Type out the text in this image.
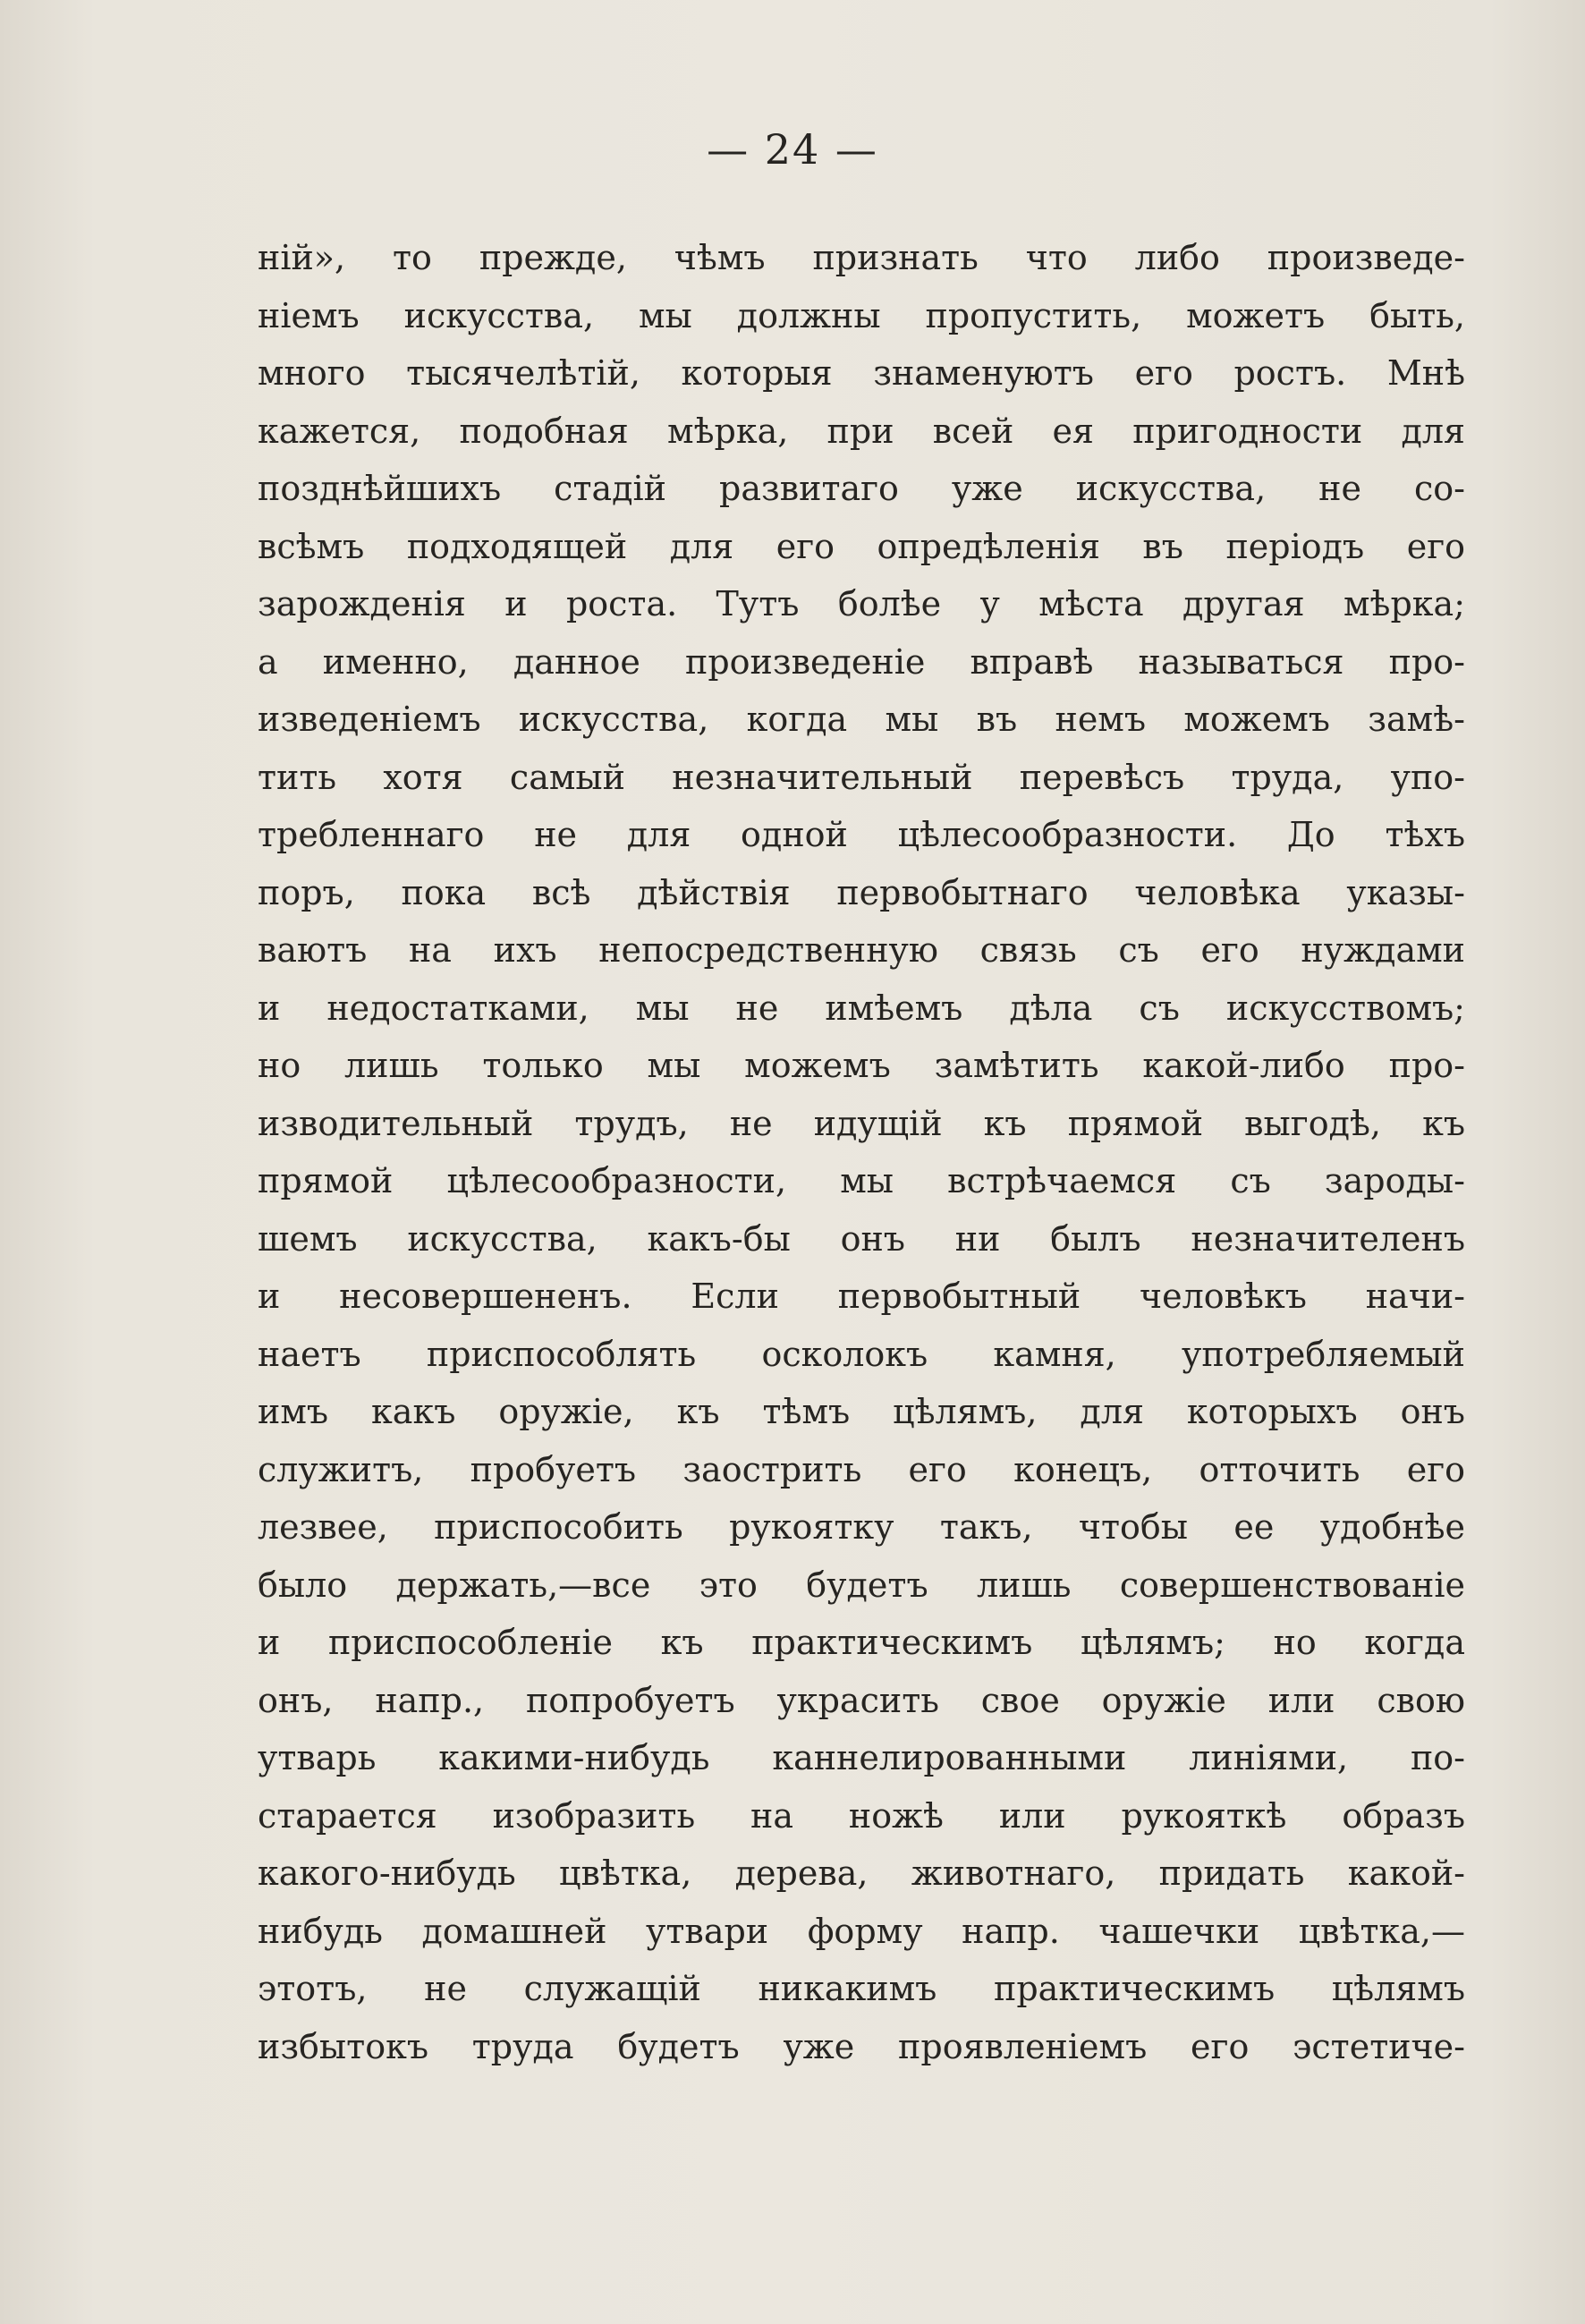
— 24 —
ній», то прежде, чѣмъ признать что либо произведе-
ніемъ искусства, мы должны пропустить, можетъ быть,
много тысячелѣтій, которыя знаменуютъ его ростъ. Мнѣ
кажется, подобная мѣрка, при всей ея пригодности для
позднѣйшихъ стадій развитаго уже искусства, не со-
всѣмъ подходящей для его опредѣленія въ періодъ его
зарожденія и роста. Тутъ болѣе у мѣста другая мѣрка;
а именно, данное произведеніе вправѣ называться про-
изведеніемъ искусства, когда мы въ немъ можемъ замѣ-
тить хотя самый незначительный перевѣсъ труда, упо-
требленнаго не для одной цѣлесообразности. До тѣхъ
поръ, пока всѣ дѣйствія первобытнаго человѣка указы-
ваютъ на ихъ непосредственную связь съ его нуждами
и недостатками, мы не имѣемъ дѣла съ искусствомъ;
но лишь только мы можемъ замѣтить какой-либо про-
изводительный трудъ, не идущій къ прямой выгодѣ, къ
прямой цѣлесообразности, мы встрѣчаемся съ зароды-
шемъ искусства, какъ-бы онъ ни былъ незначителенъ
и несовершененъ. Если первобытный человѣкъ начи-
наетъ приспособлять осколокъ камня, употребляемый
имъ какъ оружіе, къ тѣмъ цѣлямъ, для которыхъ онъ
служитъ, пробуетъ заострить его конецъ, отточить его
лезвее, приспособить рукоятку такъ, чтобы ее удобнѣе
было держать,—все это будетъ лишь совершенствованіе
и приспособленіе къ практическимъ цѣлямъ; но когда
онъ, напр., попробуетъ украсить свое оружіе или свою
утварь какими-нибудь каннелированными линіями, по-
старается изобразить на ножѣ или рукояткѣ образъ
какого-нибудь цвѣтка, дерева, животнаго, придать какой-
нибудь домашней утвари форму напр. чашечки цвѣтка,—
этотъ, не служащій никакимъ практическимъ цѣлямъ
избытокъ труда будетъ уже проявленіемъ его эстетиче-
